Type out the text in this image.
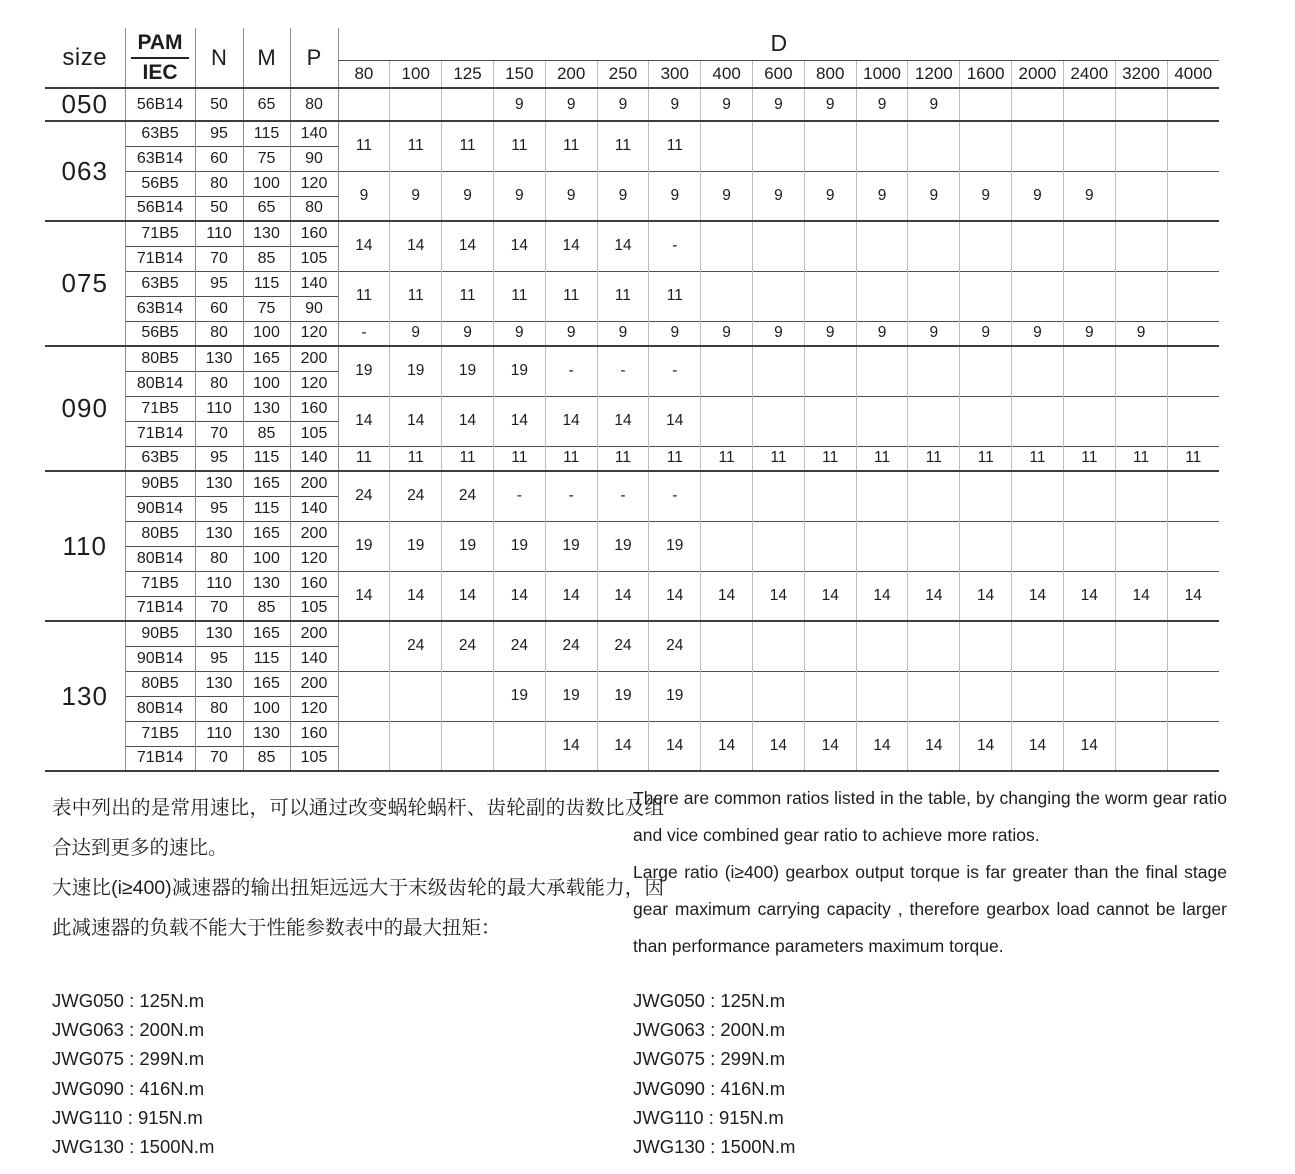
size	PAM
IEC	N	M	P	D																
					80	100	125	150	200	250	300	400	600	800	1000	1200	1600	2000	2400	3200	4000
050	56B14	50	65	80				9	9	9	9	9	9	9	9	9					
063	63B5	95	115	140	11	11	11	11	11	11	11										
	63B14	60	75	90																	
	56B5	80	100	120	9	9	9	9	9	9	9	9	9	9	9	9	9	9	9		
	56B14	50	65	80																	
075	71B5	110	130	160	14	14	14	14	14	14	-										
	71B14	70	85	105																	
	63B5	95	115	140	11	11	11	11	11	11	11										
	63B14	60	75	90																	
	56B5	80	100	120	-	9	9	9	9	9	9	9	9	9	9	9	9	9	9	9	
090	80B5	130	165	200	19	19	19	19	-	-	-										
	80B14	80	100	120																	
	71B5	110	130	160	14	14	14	14	14	14	14										
	71B14	70	85	105																	
	63B5	95	115	140	11	11	11	11	11	11	11	11	11	11	11	11	11	11	11	11	11
110	90B5	130	165	200	24	24	24	-	-	-	-										
	90B14	95	115	140																	
	80B5	130	165	200	19	19	19	19	19	19	19										
	80B14	80	100	120																	
	71B5	110	130	160	14	14	14	14	14	14	14	14	14	14	14	14	14	14	14	14	14
	71B14	70	85	105																	
130	90B5	130	165	200		24	24	24	24	24	24										
	90B14	95	115	140																	
	80B5	130	165	200				19	19	19	19										
	80B14	80	100	120																	
	71B5	110	130	160					14	14	14	14	14	14	14	14	14	14	14		
	71B14	70	85	105																	

表中列出的是常用速比，可以通过改变蜗轮蜗杆、齿轮副的齿数比及组合达到更多的速比。

大速比(i≥400)减速器的输出扭矩远远大于末级齿轮的最大承载能力，因此减速器的负载不能大于性能参数表中的最大扭矩：

There are common ratios listed in the table, by changing the worm gear ratio and vice combined gear ratio to achieve more ratios.

Large ratio (i≥400) gearbox output torque is far greater than the final stage gear maximum carrying capacity , therefore gearbox load cannot be larger than performance parameters maximum torque.

JWG050 : 125N.m
JWG063 : 200N.m
JWG075 : 299N.m
JWG090 : 416N.m
JWG110 : 915N.m
JWG130 : 1500N.m
JWG050 : 125N.m
JWG063 : 200N.m
JWG075 : 299N.m
JWG090 : 416N.m
JWG110 : 915N.m
JWG130 : 1500N.m
